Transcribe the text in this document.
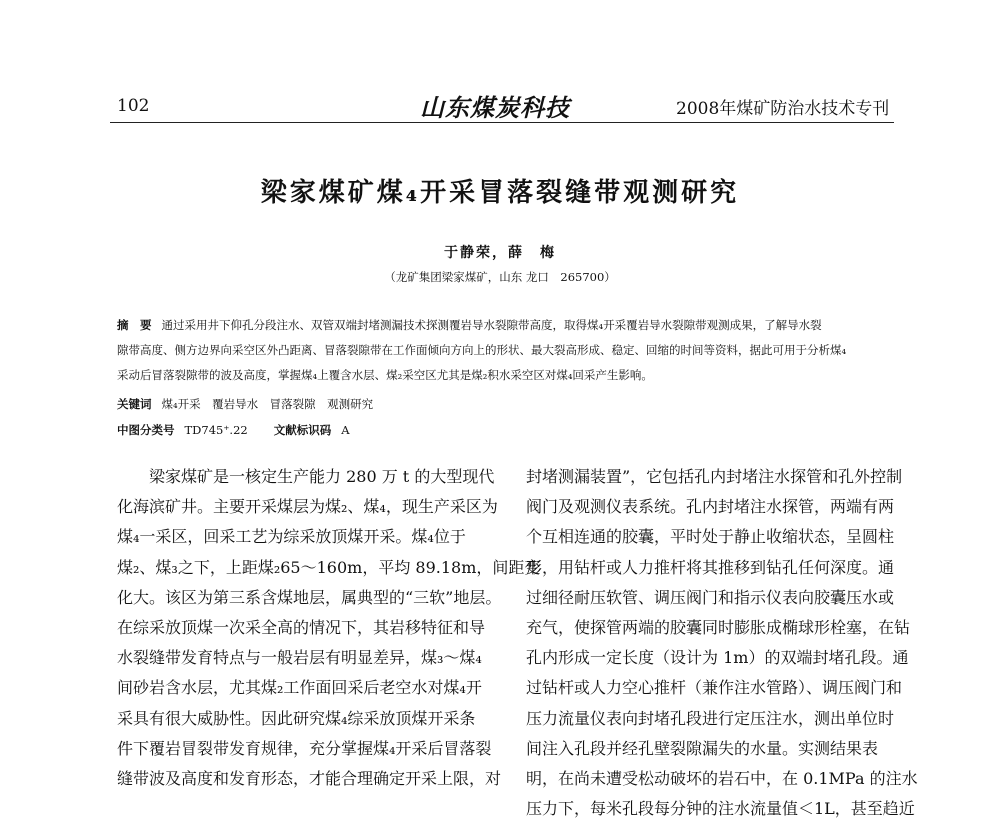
102	山东煤炭科技	2008年煤矿防治水技术专刊
梁家煤矿煤₄开采冒落裂缝带观测研究
于静荣，薛　梅
（龙矿集团梁家煤矿，山东 龙口　265700）
摘　要 通过采用井下仰孔分段注水、双管双端封堵测漏技术探测覆岩导水裂隙带高度，取得煤₄开采覆岩导水裂隙带观测成果，了解导水裂
隙带高度、侧方边界向采空区外凸距离、冒落裂隙带在工作面倾向方向上的形状、最大裂高形成、稳定、回缩的时间等资料，据此可用于分析煤₄
采动后冒落裂隙带的波及高度，掌握煤₄上覆含水层、煤₂采空区尤其是煤₂积水采空区对煤₄回采产生影响。
关键词 煤₄开采　覆岩导水　冒落裂隙　观测研究
中图分类号 TD745⁺.22 文献标识码 A
梁家煤矿是一核定生产能力 280 万 t 的大型现代
化海滨矿井。主要开采煤层为煤₂、煤₄，现生产采区为
煤₄一采区，回采工艺为综采放顶煤开采。煤₄位于
煤₂、煤₃之下，上距煤₂65～160m，平均 89.18m，间距变
化大。该区为第三系含煤地层，属典型的“三软”地层。
在综采放顶煤一次采全高的情况下，其岩移特征和导
水裂缝带发育特点与一般岩层有明显差异，煤₃～煤₄
间砂岩含水层，尤其煤₂工作面回采后老空水对煤₄开
采具有很大威胁性。因此研究煤₄综采放顶煤开采条
件下覆岩冒裂带发育规律，充分掌握煤₄开采后冒落裂
缝带波及高度和发育形态，才能合理确定开采上限，对
封堵测漏装置”，它包括孔内封堵注水探管和孔外控制
阀门及观测仪表系统。孔内封堵注水探管，两端有两
个互相连通的胶囊，平时处于静止收缩状态，呈圆柱
形，用钻杆或人力推杆将其推移到钻孔任何深度。通
过细径耐压软管、调压阀门和指示仪表向胶囊压水或
充气，使探管两端的胶囊同时膨胀成椭球形栓塞，在钻
孔内形成一定长度（设计为 1m）的双端封堵孔段。通
过钻杆或人力空心推杆（兼作注水管路）、调压阀门和
压力流量仪表向封堵孔段进行定压注水，测出单位时
间注入孔段并经孔壁裂隙漏失的水量。实测结果表
明，在尚未遭受松动破坏的岩石中，在 0.1MPa 的注水
压力下，每米孔段每分钟的注水流量值＜1L，甚至趋近
